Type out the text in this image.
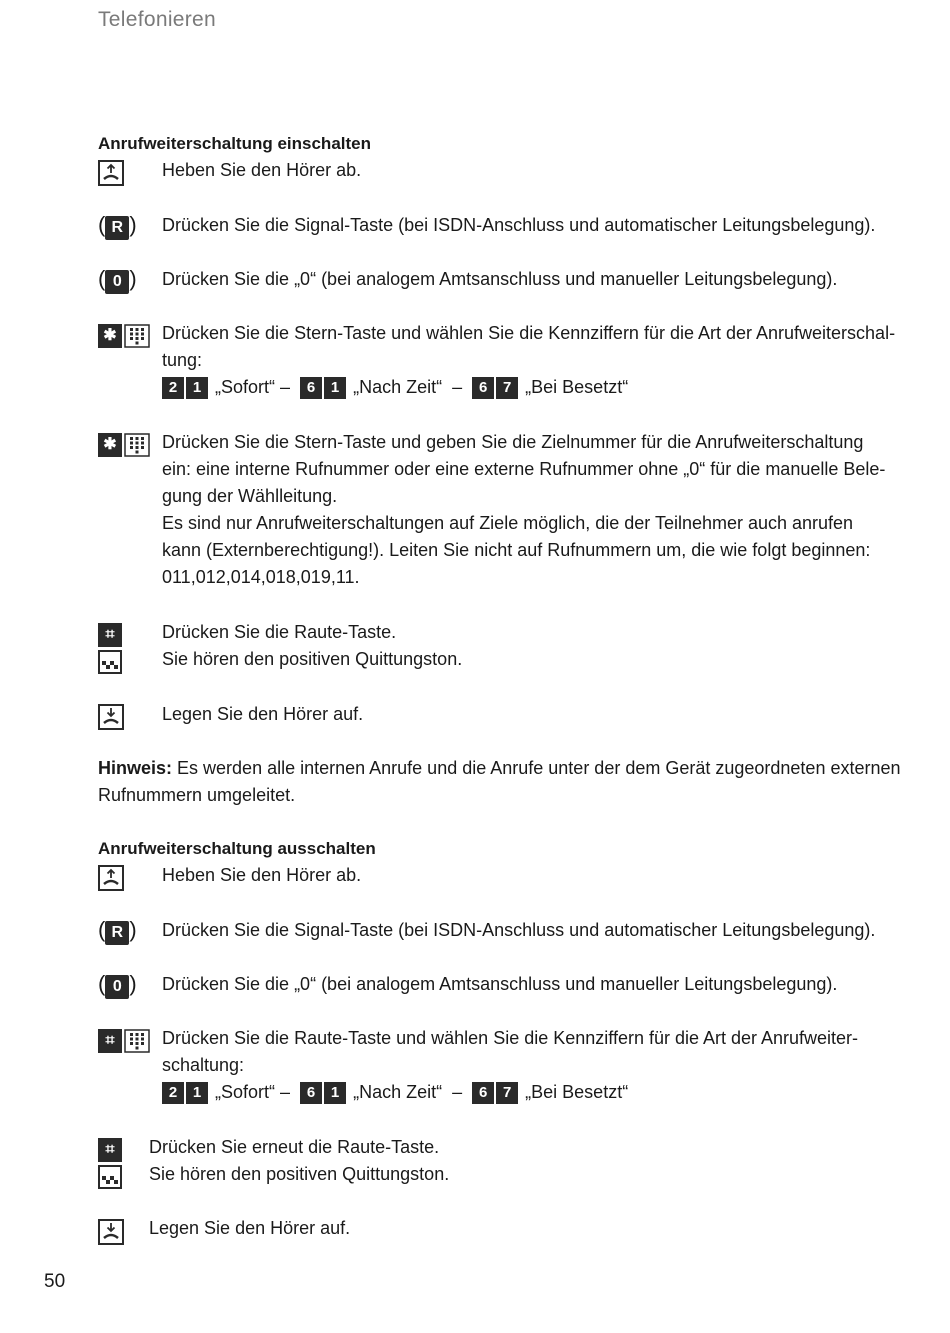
Telefonieren
Anrufweiterschaltung einschalten
Heben Sie den Hörer ab.
( R ) Drücken Sie die Signal-Taste (bei ISDN-Anschluss und automatischer Leitungsbelegung).
( 0 ) Drücken Sie die „0“ (bei analogem Amtsanschluss und manueller Leitungsbelegung).
✱	Drücken Sie die Stern-Taste und wählen Sie die Kennziffern für die Art der Anrufweiterschal-
tung:
2 1 „Sofort“ – 6 1 „Nach Zeit“ – 6 7 „Bei Besetzt“
✱	Drücken Sie die Stern-Taste und geben Sie die Zielnummer für die Anrufweiterschaltung
ein: eine interne Rufnummer oder eine externe Rufnummer ohne „0“ für die manuelle Bele-
gung der Wählleitung.
Es sind nur Anrufweiterschaltungen auf Ziele möglich, die der Teilnehmer auch anrufen
kann (Externberechtigung!). Leiten Sie nicht auf Rufnummern um, die wie folgt beginnen:
011,012,014,018,019,11.
⌗	Drücken Sie die Raute-Taste.
Sie hören den positiven Quittungston.
Legen Sie den Hörer auf.
Hinweis: Es werden alle internen Anrufe und die Anrufe unter der dem Gerät zugeordneten externen
Rufnummern umgeleitet.
Anrufweiterschaltung ausschalten
Heben Sie den Hörer ab.
( R ) Drücken Sie die Signal-Taste (bei ISDN-Anschluss und automatischer Leitungsbelegung).
( 0 ) Drücken Sie die „0“ (bei analogem Amtsanschluss und manueller Leitungsbelegung).
⌗	Drücken Sie die Raute-Taste und wählen Sie die Kennziffern für die Art der Anrufweiter-
schaltung:
2 1 „Sofort“ – 6 1 „Nach Zeit“ – 6 7 „Bei Besetzt“
⌗	Drücken Sie erneut die Raute-Taste.
Sie hören den positiven Quittungston.
Legen Sie den Hörer auf.
50
